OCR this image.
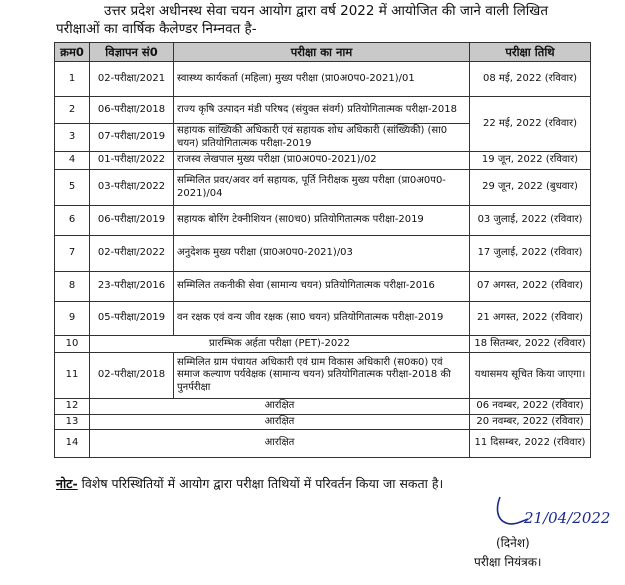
उत्तर प्रदेश अधीनस्थ सेवा चयन आयोग द्वारा वर्ष 2022 में आयोजित की जाने वाली लिखित
परीक्षाओं का वार्षिक कैलेण्डर निम्नवत है-
क्रम0	विज्ञापन सं0	परीक्षा का नाम	परीक्षा तिथि
1	02-परीक्षा/2021	स्वास्थ्य कार्यकर्ता (महिला) मुख्य परीक्षा (प्रा0अ0प0-2021)/01	08 मई, 2022 (रविवार)
2	06-परीक्षा/2018	राज्य कृषि उत्पादन मंडी परिषद (संयुक्त संवर्ग) प्रतियोगितात्मक परीक्षा-2018	22 मई, 2022 (रविवार)
3	07-परीक्षा/2019	सहायक सांख्यिकी अधिकारी एवं सहायक शोध अधिकारी (सांख्यिकी) (सा0 चयन) प्रतियोगितात्मक परीक्षा-2019	
4	01-परीक्षा/2022	राजस्व लेखपाल मुख्य परीक्षा (प्रा0अ0प0-2021)/02	19 जून, 2022 (रविवार)
5	03-परीक्षा/2022	सम्मिलित प्रवर/अवर वर्ग सहायक, पूर्ति निरीक्षक मुख्य परीक्षा (प्रा0अ0प0-2021)/04	29 जून, 2022 (बुधवार)
6	06-परीक्षा/2019	सहायक बोरिंग टेक्नीशियन (सा0च0) प्रतियोगितात्मक परीक्षा-2019	03 जुलाई, 2022 (रविवार)
7	02-परीक्षा/2022	अनुदेशक मुख्य परीक्षा (प्रा0अ0प0-2021)/03	17 जुलाई, 2022 (रविवार)
8	23-परीक्षा/2016	सम्मिलित तकनीकी सेवा (सामान्य चयन) प्रतियोगितात्मक परीक्षा-2016	07 अगस्त, 2022 (रविवार)
9	05-परीक्षा/2019	वन रक्षक एवं वन्य जीव रक्षक (सा0 चयन) प्रतियोगितात्मक परीक्षा-2019	21 अगस्त, 2022 (रविवार)
10	प्रारम्भिक अर्हता परीक्षा (PET)-2022		18 सितम्बर, 2022 (रविवार)
11	02-परीक्षा/2018	सम्मिलित ग्राम पंचायत अधिकारी एवं ग्राम विकास अधिकारी (स0क0) एवं समाज कल्याण पर्यवेक्षक (सामान्य चयन) प्रतियोगितात्मक परीक्षा-2018 की पुनर्परीक्षा	यथासमय सूचित किया जाएगा।
12	आरक्षित		06 नवम्बर, 2022 (रविवार)
13	आरक्षित		20 नवम्बर, 2022 (रविवार)
14	आरक्षित		11 दिसम्बर, 2022 (रविवार)
नोट- विशेष परिस्थितियों में आयोग द्वारा परीक्षा तिथियों में परिवर्तन किया जा सकता है।
21/04/2022
(दिनेश)
परीक्षा नियंत्रक।
